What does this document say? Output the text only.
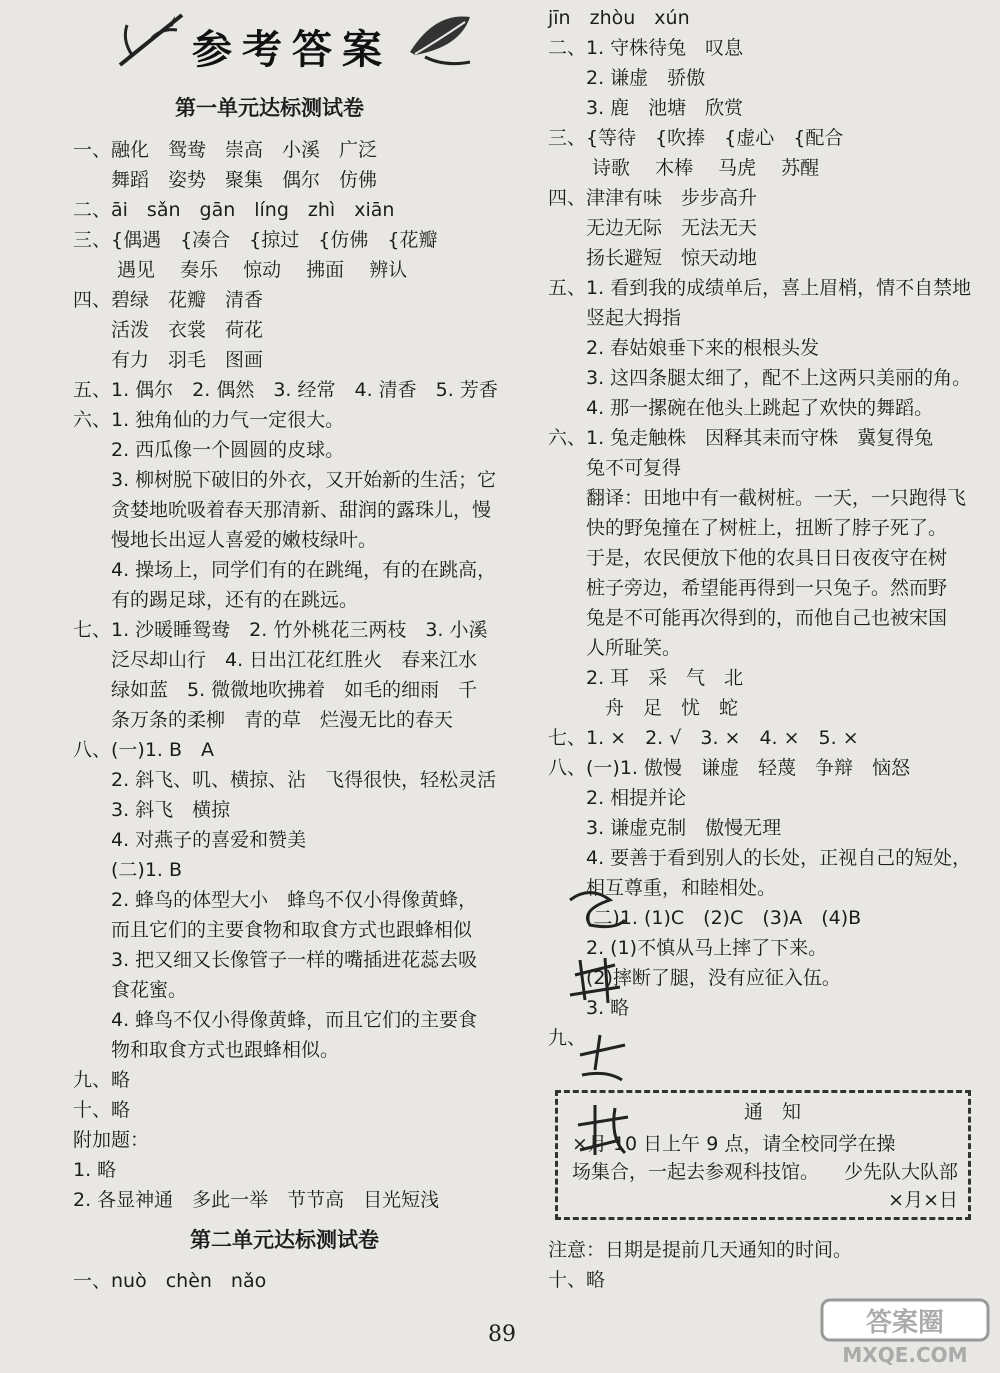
参考答案
第一单元达标测试卷
一、融化　鸳鸯　崇高　小溪　广泛
　　舞蹈　姿势　聚集　偶尔　仿佛
二、āi　sǎn　gān　líng　zhì　xiān
三、{偶遇　{凑合　{掠过　{仿佛　{花瓣
　　 遇见　 奏乐　 惊动　 拂面　 辨认
四、碧绿　花瓣　清香
　　活泼　衣裳　荷花
　　有力　羽毛　图画
五、1. 偶尔　2. 偶然　3. 经常　4. 清香　5. 芳香
六、1. 独角仙的力气一定很大。
　　2. 西瓜像一个圆圆的皮球。
　　3. 柳树脱下破旧的外衣，又开始新的生活；它
　　贪婪地吮吸着春天那清新、甜润的露珠儿，慢
　　慢地长出逗人喜爱的嫩枝绿叶。
　　4. 操场上，同学们有的在跳绳，有的在跳高，
　　有的踢足球，还有的在跳远。
七、1. 沙暖睡鸳鸯　2. 竹外桃花三两枝　3. 小溪
　　泛尽却山行　4. 日出江花红胜火　春来江水
　　绿如蓝　5. 微微地吹拂着　如毛的细雨　千
　　条万条的柔柳　青的草　烂漫无比的春天
八、(一)1. B　A
　　2. 斜飞、叽、横掠、沾　飞得很快，轻松灵活
　　3. 斜飞　横掠
　　4. 对燕子的喜爱和赞美
　　(二)1. B
　　2. 蜂鸟的体型大小　蜂鸟不仅小得像黄蜂，
　　而且它们的主要食物和取食方式也跟蜂相似
　　3. 把又细又长像管子一样的嘴插进花蕊去吸
　　食花蜜。
　　4. 蜂鸟不仅小得像黄蜂，而且它们的主要食
　　物和取食方式也跟蜂相似。
九、略
十、略
附加题：
1. 略
2. 各显神通　多此一举　节节高　目光短浅
第二单元达标测试卷
一、nuò　chèn　nǎo
jīn　zhòu　xún
二、1. 守株待兔　叹息
　　2. 谦虚　骄傲
　　3. 鹿　池塘　欣赏
三、{等待　{吹捧　{虚心　{配合
　　 诗歌　 木棒　 马虎　 苏醒
四、津津有味　步步高升
　　无边无际　无法无天
　　扬长避短　惊天动地
五、1. 看到我的成绩单后，喜上眉梢，情不自禁地
　　竖起大拇指
　　2. 春姑娘垂下来的根根头发
　　3. 这四条腿太细了，配不上这两只美丽的角。
　　4. 那一摞碗在他头上跳起了欢快的舞蹈。
六、1. 兔走触株　因释其耒而守株　冀复得兔
　　兔不可复得
　　翻译：田地中有一截树桩。一天，一只跑得飞
　　快的野兔撞在了树桩上，扭断了脖子死了。
　　于是，农民便放下他的农具日日夜夜守在树
　　桩子旁边，希望能再得到一只兔子。然而野
　　兔是不可能再次得到的，而他自己也被宋国
　　人所耻笑。
　　2. 耳　采　气　北
　　　舟　足　忧　蛇
七、1. ×　2. √　3. ×　4. ×　5. ×
八、(一)1. 傲慢　谦虚　轻蔑　争辩　恼怒
　　2. 相提并论
　　3. 谦虚克制　傲慢无理
　　4. 要善于看到别人的长处，正视自己的短处，
　　相互尊重，和睦相处。
　　(二)1. (1)C　(2)C　(3)A　(4)B
　　2. (1)不慎从马上摔了下来。
　　(2)摔断了腿，没有应征入伍。
　　3. 略
九、
通　知
×月 10 日上午 9 点，请全校同学在操
场集合，一起去参观科技馆。 少先队大队部
×月×日
注意：日期是提前几天通知的时间。
十、略
89	答案圈
MXQE.COM
